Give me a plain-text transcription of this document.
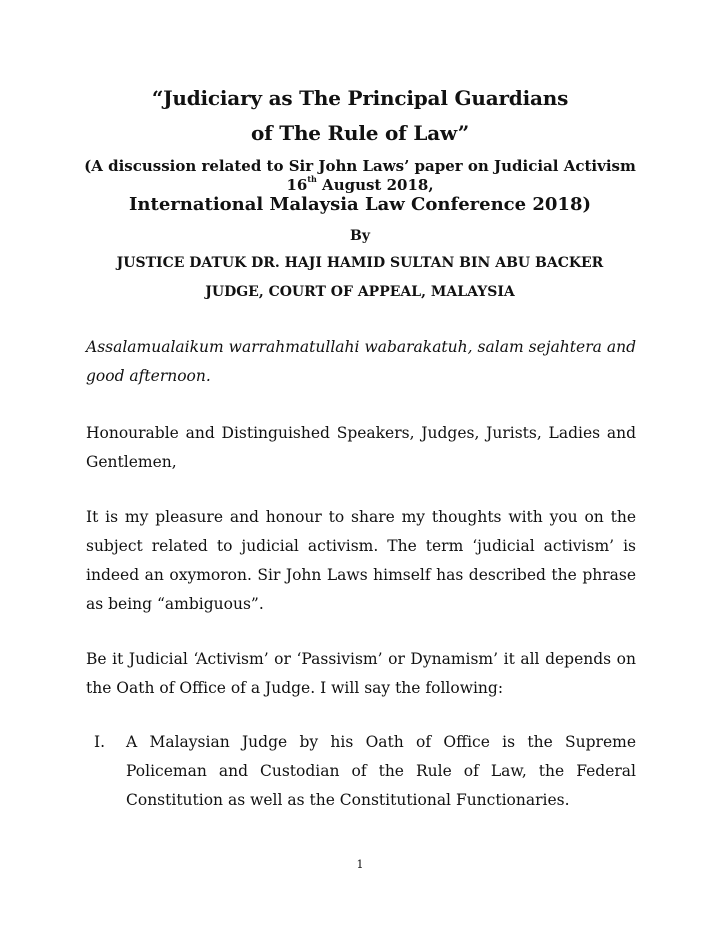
“Judiciary as The Principal Guardians
of The Rule of Law”
(A discussion related to Sir John Laws’ paper on Judicial Activism
16th August 2018,
International Malaysia Law Conference 2018)
By
JUSTICE DATUK DR. HAJI HAMID SULTAN BIN ABU BACKER
JUDGE, COURT OF APPEAL, MALAYSIA
Assalamualaikum warrahmatullahi wabarakatuh, salam sejahtera and good afternoon.
Honourable and Distinguished Speakers, Judges, Jurists, Ladies and Gentlemen,
It is my pleasure and honour to share my thoughts with you on the subject related to judicial activism. The term ‘judicial activism’ is indeed an oxymoron. Sir John Laws himself has described the phrase as being “ambiguous”.
Be it Judicial ‘Activism’ or ‘Passivism’ or Dynamism’ it all depends on the Oath of Office of a Judge. I will say the following:
I. A Malaysian Judge by his Oath of Office is the Supreme Policeman and Custodian of the Rule of Law, the Federal Constitution as well as the Constitutional Functionaries.
1
